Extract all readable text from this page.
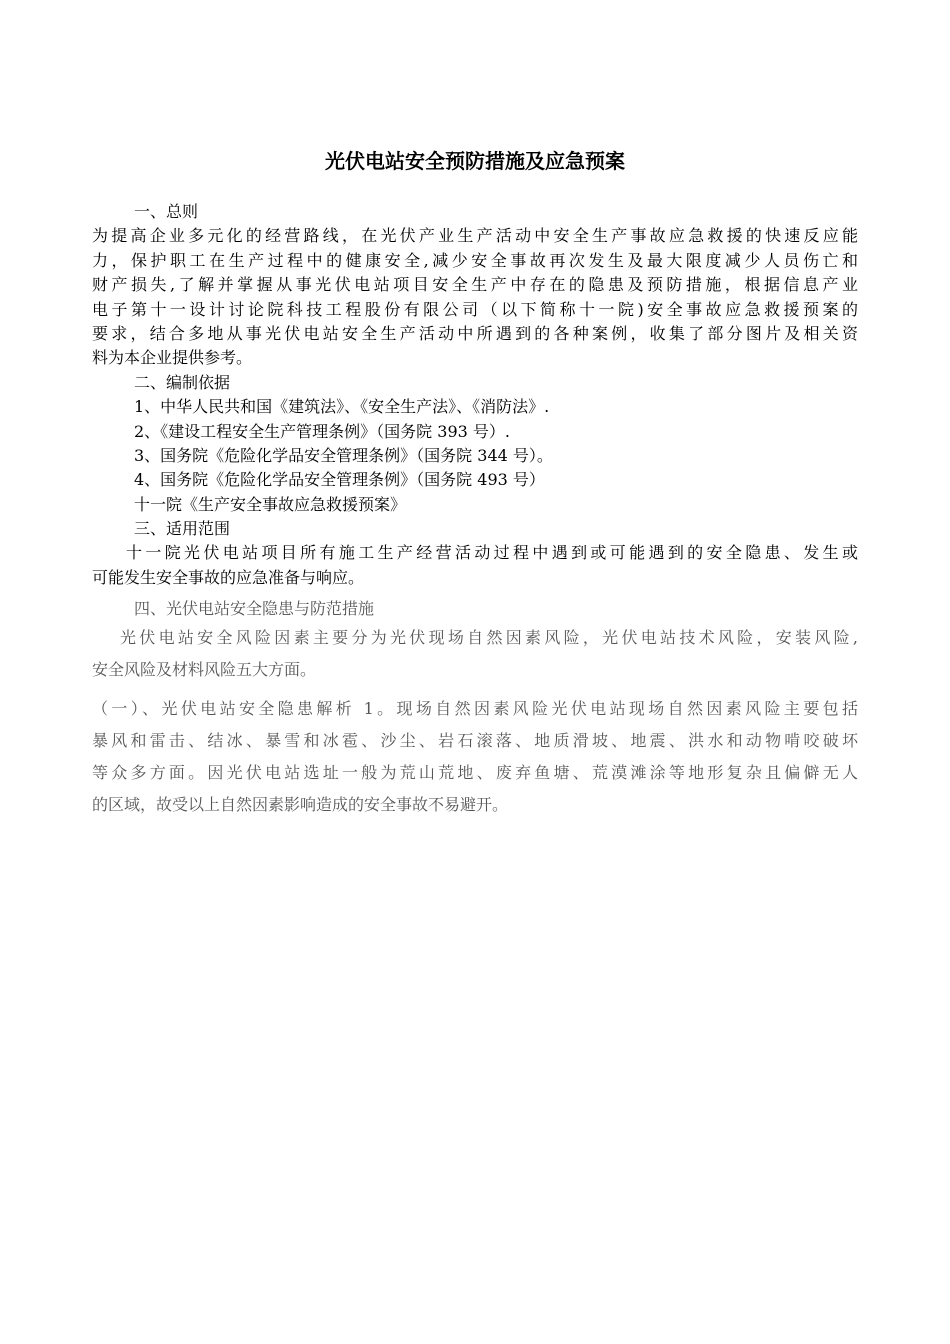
光伏电站安全预防措施及应急预案
一、总则
为提高企业多元化的经营路线，在光伏产业生产活动中安全生产事故应急救援的快速反应能
力，保护职工在生产过程中的健康安全,减少安全事故再次发生及最大限度减少人员伤亡和
财产损失,了解并掌握从事光伏电站项目安全生产中存在的隐患及预防措施，根据信息产业
电子第十一设计讨论院科技工程股份有限公司（以下简称十一院)安全事故应急救援预案的
要求，结合多地从事光伏电站安全生产活动中所遇到的各种案例，收集了部分图片及相关资
料为本企业提供参考。
二、编制依据
1、中华人民共和国《建筑法》、《安全生产法》、《消防法》.
2、《建设工程安全生产管理条例》（国务院 393 号）.
3、国务院《危险化学品安全管理条例》（国务院 344 号）。
4、国务院《危险化学品安全管理条例》（国务院 493 号）
十一院《生产安全事故应急救援预案》
三、适用范围
十一院光伏电站项目所有施工生产经营活动过程中遇到或可能遇到的安全隐患、发生或
可能发生安全事故的应急准备与响应。
四、光伏电站安全隐患与防范措施
光伏电站安全风险因素主要分为光伏现场自然因素风险，光伏电站技术风险，安装风险,
安全风险及材料风险五大方面。
（一）、光伏电站安全隐患解析 1。现场自然因素风险光伏电站现场自然因素风险主要包括
暴风和雷击、结冰、暴雪和冰雹、沙尘、岩石滚落、地质滑坡、地震、洪水和动物啃咬破坏
等众多方面。因光伏电站选址一般为荒山荒地、废弃鱼塘、荒漠滩涂等地形复杂且偏僻无人
的区域，故受以上自然因素影响造成的安全事故不易避开。
